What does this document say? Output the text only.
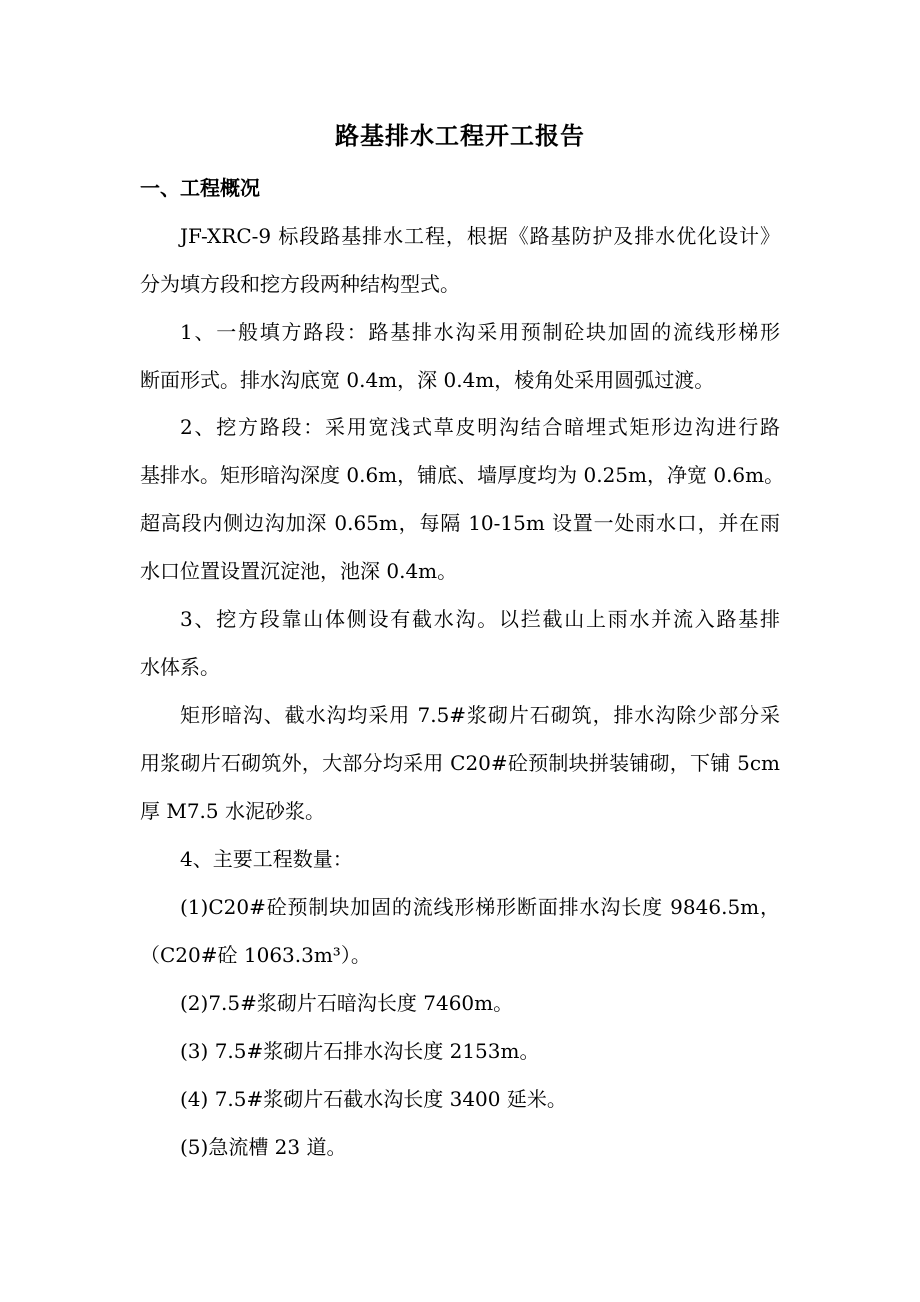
路基排水工程开工报告
一、工程概况
JF-XRC-9 标段路基排水工程，根据《路基防护及排水优化设计》
分为填方段和挖方段两种结构型式。
1、一般填方路段：路基排水沟采用预制砼块加固的流线形梯形
断面形式。排水沟底宽 0.4m，深 0.4m，棱角处采用圆弧过渡。
2、挖方路段：采用宽浅式草皮明沟结合暗埋式矩形边沟进行路
基排水。矩形暗沟深度 0.6m，铺底、墙厚度均为 0.25m，净宽 0.6m。
超高段内侧边沟加深 0.65m，每隔 10-15m 设置一处雨水口，并在雨
水口位置设置沉淀池，池深 0.4m。
3、挖方段靠山体侧设有截水沟。以拦截山上雨水并流入路基排
水体系。
矩形暗沟、截水沟均采用 7.5#浆砌片石砌筑，排水沟除少部分采
用浆砌片石砌筑外，大部分均采用 C20#砼预制块拼装铺砌，下铺 5cm
厚 M7.5 水泥砂浆。
4、主要工程数量：
(1)C20#砼预制块加固的流线形梯形断面排水沟长度 9846.5m，
（C20#砼 1063.3m³）。
(2)7.5#浆砌片石暗沟长度 7460m。
(3) 7.5#浆砌片石排水沟长度 2153m。
(4) 7.5#浆砌片石截水沟长度 3400 延米。
(5)急流槽 23 道。
